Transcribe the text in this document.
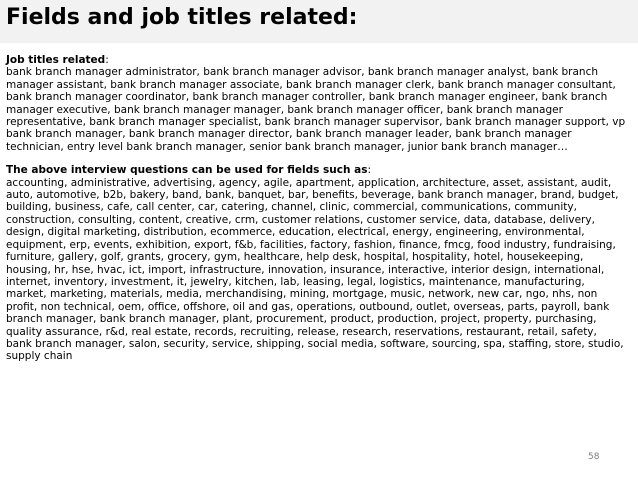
Fields and job titles related:

Job titles related:

bank branch manager administrator, bank branch manager advisor, bank branch manager analyst, bank branch
manager assistant, bank branch manager associate, bank branch manager clerk, bank branch manager consultant,
bank branch manager coordinator, bank branch manager controller, bank branch manager engineer, bank branch
manager executive, bank branch manager manager, bank branch manager officer, bank branch manager
representative, bank branch manager specialist, bank branch manager supervisor, bank branch manager support, vp
bank branch manager, bank branch manager director, bank branch manager leader, bank branch manager
technician, entry level bank branch manager, senior bank branch manager, junior bank branch manager…

The above interview questions can be used for fields such as:

accounting, administrative, advertising, agency, agile, apartment, application, architecture, asset, assistant, audit,
auto, automotive, b2b, bakery, band, bank, banquet, bar, benefits, beverage, bank branch manager, brand, budget,
building, business, cafe, call center, car, catering, channel, clinic, commercial, communications, community,
construction, consulting, content, creative, crm, customer relations, customer service, data, database, delivery,
design, digital marketing, distribution, ecommerce, education, electrical, energy, engineering, environmental,
equipment, erp, events, exhibition, export, f&b, facilities, factory, fashion, finance, fmcg, food industry, fundraising,
furniture, gallery, golf, grants, grocery, gym, healthcare, help desk, hospital, hospitality, hotel, housekeeping,
housing, hr, hse, hvac, ict, import, infrastructure, innovation, insurance, interactive, interior design, international,
internet, inventory, investment, it, jewelry, kitchen, lab, leasing, legal, logistics, maintenance, manufacturing,
market, marketing, materials, media, merchandising, mining, mortgage, music, network, new car, ngo, nhs, non
profit, non technical, oem, office, offshore, oil and gas, operations, outbound, outlet, overseas, parts, payroll, bank
branch manager, bank branch manager, plant, procurement, product, production, project, property, purchasing,
quality assurance, r&d, real estate, records, recruiting, release, research, reservations, restaurant, retail, safety,
bank branch manager, salon, security, service, shipping, social media, software, sourcing, spa, staffing, store, studio,
supply chain
58
